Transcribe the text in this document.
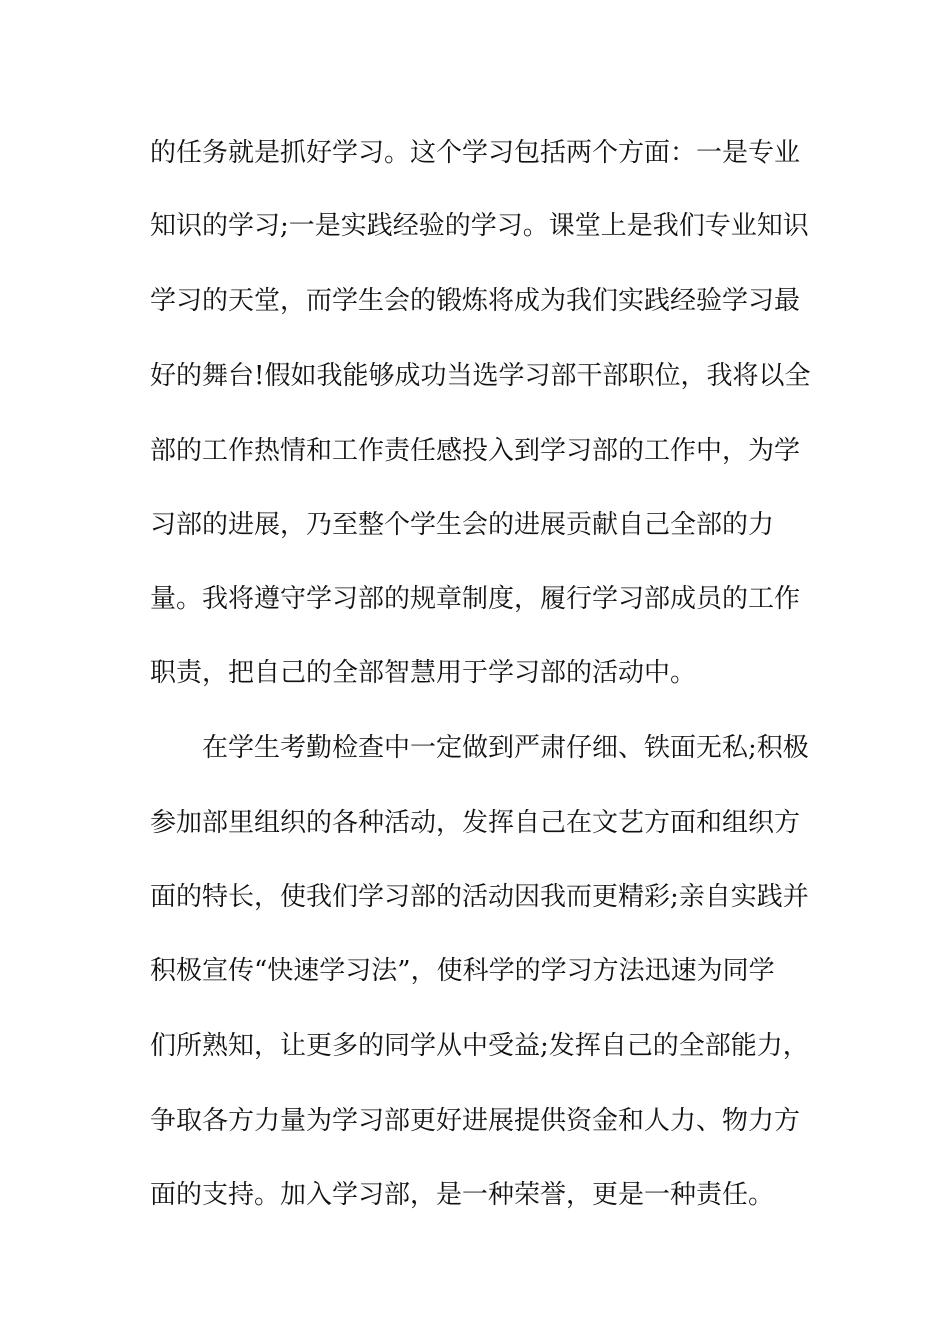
的任务就是抓好学习。这个学习包括两个方面：一是专业
知识的学习;一是实践经验的学习。课堂上是我们专业知识
学习的天堂，而学生会的锻炼将成为我们实践经验学习最
好的舞台!假如我能够成功当选学习部干部职位，我将以全
部的工作热情和工作责任感投入到学习部的工作中，为学
习部的进展，乃至整个学生会的进展贡献自己全部的力
量。我将遵守学习部的规章制度，履行学习部成员的工作
职责，把自己的全部智慧用于学习部的活动中。
在学生考勤检查中一定做到严肃仔细、铁面无私;积极
参加部里组织的各种活动，发挥自己在文艺方面和组织方
面的特长，使我们学习部的活动因我而更精彩;亲自实践并
积极宣传“快速学习法”，使科学的学习方法迅速为同学
们所熟知，让更多的同学从中受益;发挥自己的全部能力，
争取各方力量为学习部更好进展提供资金和人力、物力方
面的支持。加入学习部，是一种荣誉，更是一种责任。
